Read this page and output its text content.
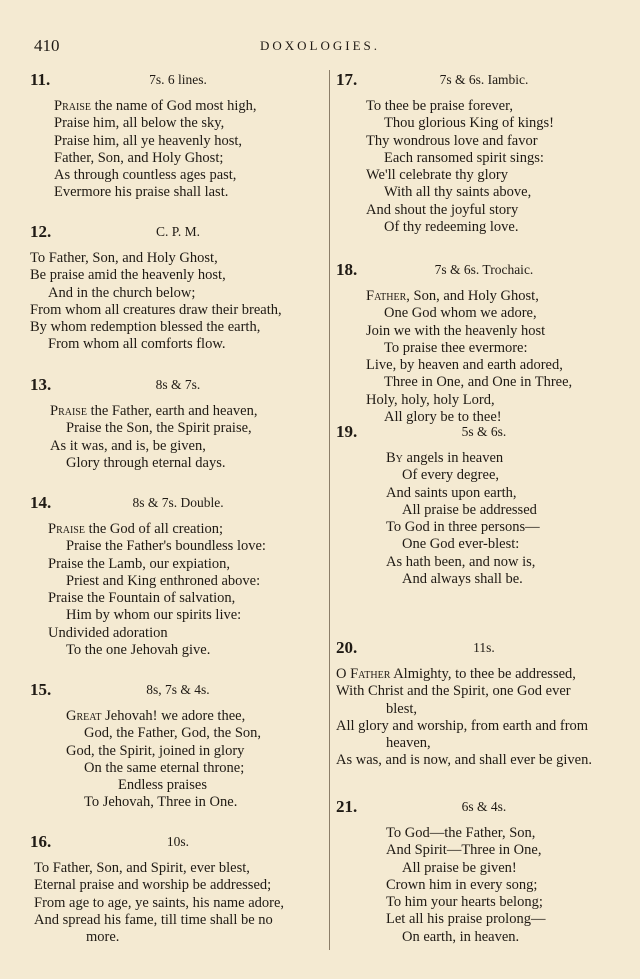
410	DOXOLOGIES.
11.	7s. 6 lines.
Praise the name of God most high,
Praise him, all below the sky,
Praise him, all ye heavenly host,
Father, Son, and Holy Ghost;
As through countless ages past,
Evermore his praise shall last.
12.	C. P. M.
To Father, Son, and Holy Ghost,
Be praise amid the heavenly host,
And in the church below;
From whom all creatures draw their breath,
By whom redemption blessed the earth,
From whom all comforts flow.
13.	8s & 7s.
Praise the Father, earth and heaven,
Praise the Son, the Spirit praise,
As it was, and is, be given,
Glory through eternal days.
14.	8s & 7s. Double.
Praise the God of all creation;
Praise the Father's boundless love:
Praise the Lamb, our expiation,
Priest and King enthroned above:
Praise the Fountain of salvation,
Him by whom our spirits live:
Undivided adoration
To the one Jehovah give.
15.	8s, 7s & 4s.
Great Jehovah! we adore thee,
God, the Father, God, the Son,
God, the Spirit, joined in glory
On the same eternal throne;
Endless praises
To Jehovah, Three in One.
16.	10s.
To Father, Son, and Spirit, ever blest,
Eternal praise and worship be addressed;
From age to age, ye saints, his name adore,
And spread his fame, till time shall be no
more.
17.	7s & 6s. Iambic.
To thee be praise forever,
Thou glorious King of kings!
Thy wondrous love and favor
Each ransomed spirit sings:
We'll celebrate thy glory
With all thy saints above,
And shout the joyful story
Of thy redeeming love.
18.	7s & 6s. Trochaic.
Father, Son, and Holy Ghost,
One God whom we adore,
Join we with the heavenly host
To praise thee evermore:
Live, by heaven and earth adored,
Three in One, and One in Three,
Holy, holy, holy Lord,
All glory be to thee!
19.	5s & 6s.
By angels in heaven
Of every degree,
And saints upon earth,
All praise be addressed
To God in three persons—
One God ever-blest:
As hath been, and now is,
And always shall be.
20.	11s.
O Father Almighty, to thee be addressed,
With Christ and the Spirit, one God ever
blest,
All glory and worship, from earth and from
heaven,
As was, and is now, and shall ever be given.
21.	6s & 4s.
To God—the Father, Son,
And Spirit—Three in One,
All praise be given!
Crown him in every song;
To him your hearts belong;
Let all his praise prolong—
On earth, in heaven.
